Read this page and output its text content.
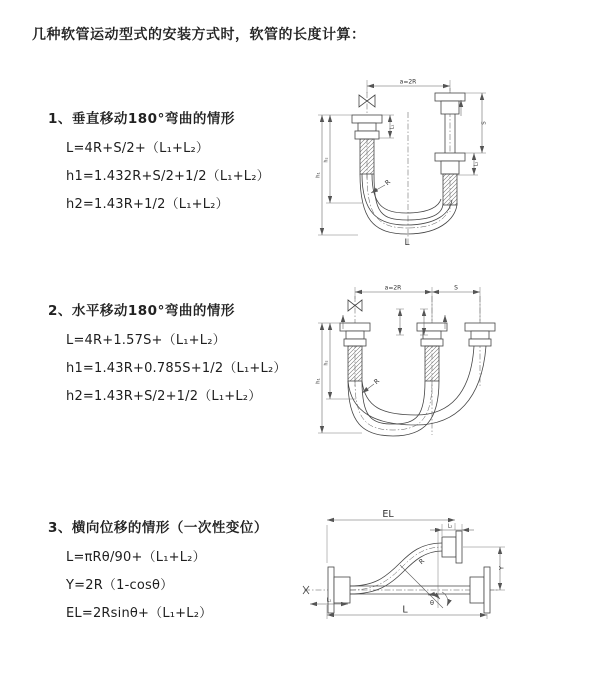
几种软管运动型式的安装方式时，软管的长度计算：
1、垂直移动180°弯曲的情形
L=4R+S/2+（L₁+L₂）
h1=1.432R+S/2+1/2（L₁+L₂）
h2=1.43R+1/2（L₁+L₂）
2、水平移动180°弯曲的情形
L=4R+1.57S+（L₁+L₂）
h1=1.43R+0.785S+1/2（L₁+L₂）
h2=1.43R+S/2+1/2（L₁+L₂）
3、横向位移的情形（一次性变位）
L=πRθ/90+（L₁+L₂）
Y=2R（1-cosθ）
EL=2Rsinθ+（L₁+L₂）
a=2R
R
L
h₁
h₂
S
L₂
L₁
a=2R	S
R
h₁
h₂
EL
L₂
Y
L
L₁	θ
R
